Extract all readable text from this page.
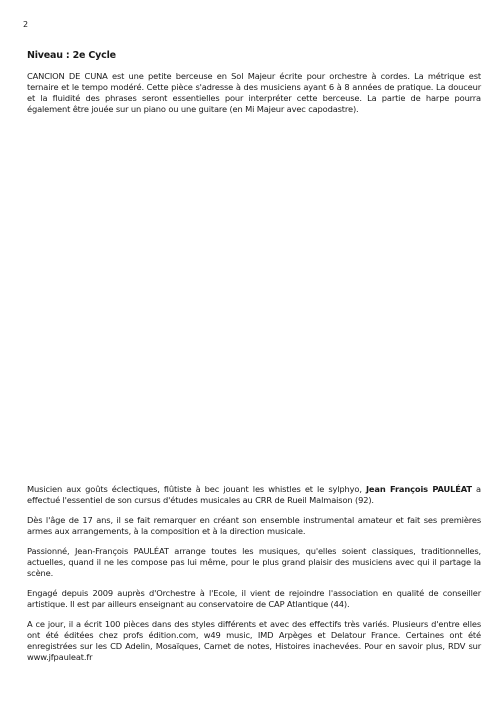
2
Niveau : 2e Cycle

CANCION DE CUNA est une petite berceuse en Sol Majeur écrite pour orchestre à cordes. La métrique est ternaire et le tempo modéré. Cette pièce s'adresse à des musiciens ayant 6 à 8 années de pratique. La douceur et la fluidité des phrases seront essentielles pour interpréter cette berceuse. La partie de harpe pourra également être jouée sur un piano ou une guitare (en Mi Majeur avec capodastre).

Musicien aux goûts éclectiques, flûtiste à bec jouant les whistles et le sylphyo, Jean François PAULÉAT a effectué l'essentiel de son cursus d'études musicales au CRR de Rueil Malmaison (92).

Dès l'âge de 17 ans, il se fait remarquer en créant son ensemble instrumental amateur et fait ses premières armes aux arrangements, à la composition et à la direction musicale.

Passionné, Jean-François PAULÉAT arrange toutes les musiques, qu'elles soient classiques, traditionnelles, actuelles, quand il ne les compose pas lui même, pour le plus grand plaisir des musiciens avec qui il partage la scène.

Engagé depuis 2009 auprès d'Orchestre à l'Ecole, il vient de rejoindre l'association en qualité de conseiller artistique. Il est par ailleurs enseignant au conservatoire de CAP Atlantique (44).

A ce jour, il a écrit 100 pièces dans des styles différents et avec des effectifs très variés. Plusieurs d'entre elles ont été éditées chez profs édition.com, w49 music, IMD Arpèges et Delatour France. Certaines ont été enregistrées sur les CD Adelin, Mosaïques, Carnet de notes, Histoires inachevées. Pour en savoir plus, RDV sur www.jfpauleat.fr
